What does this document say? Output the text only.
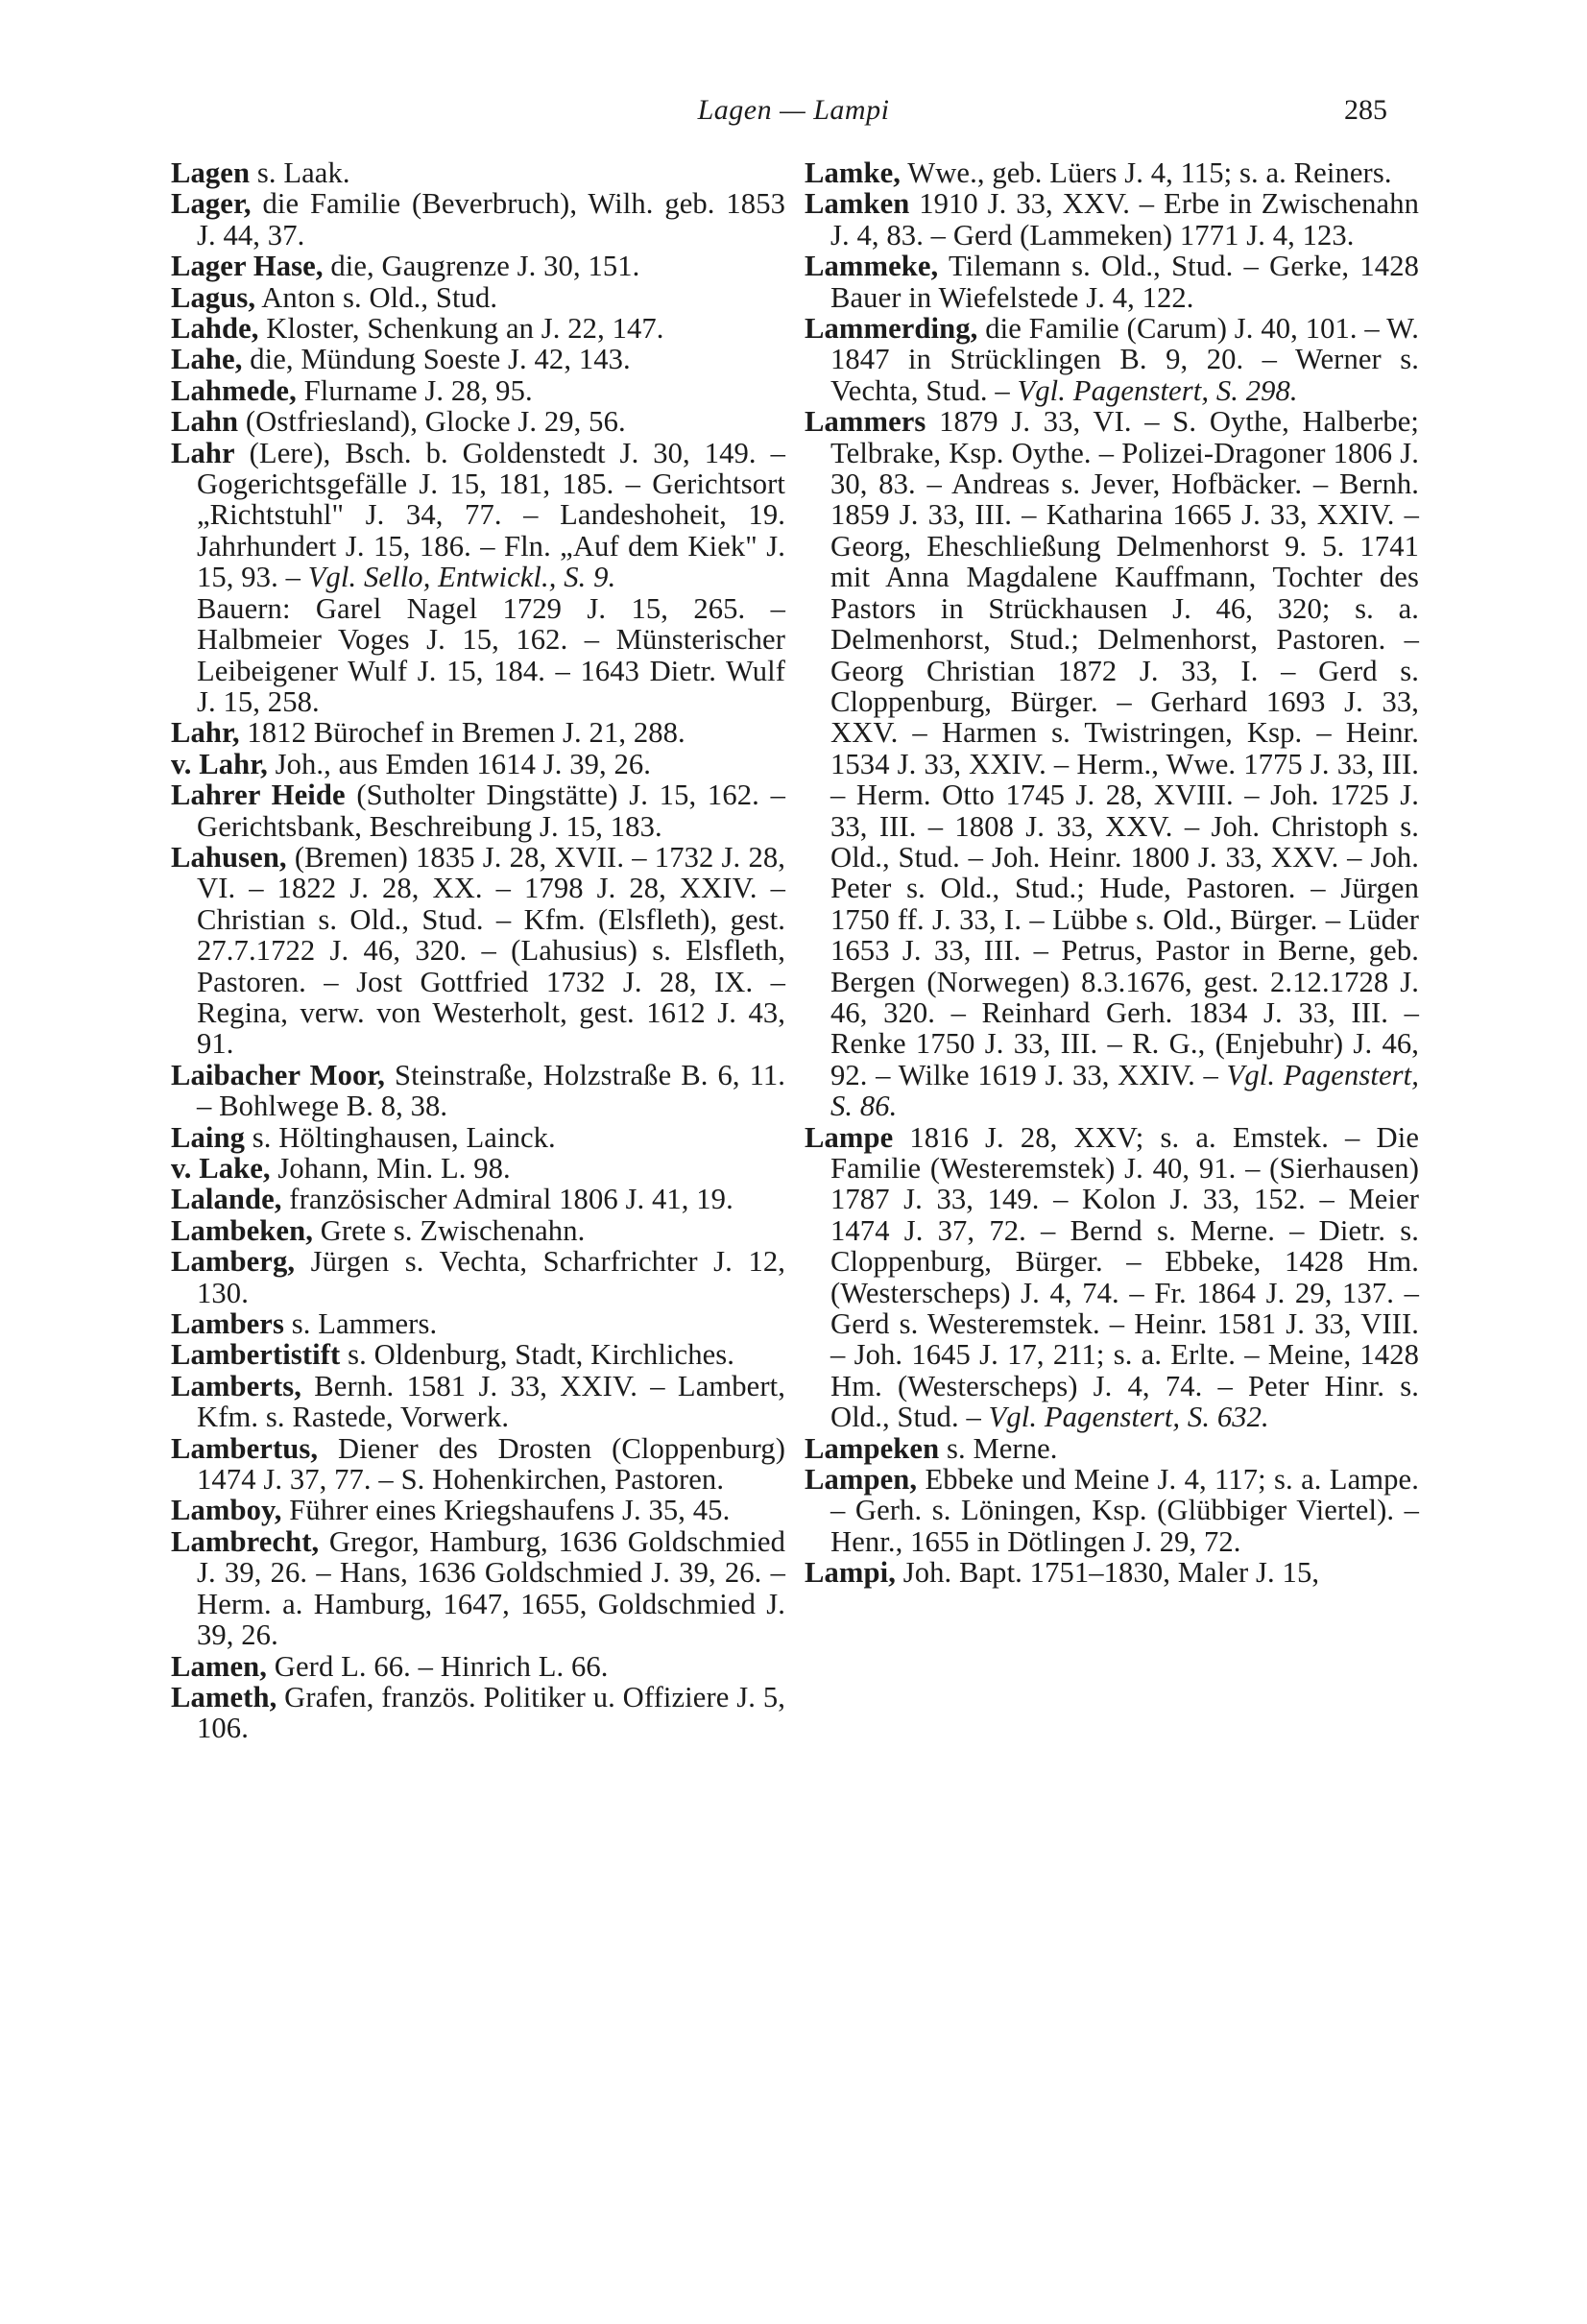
Lagen — Lampi	285

Lagen s. Laak.

Lager, die Familie (Beverbruch), Wilh. geb. 1853 J. 44, 37.

Lager Hase, die, Gaugrenze J. 30, 151.

Lagus, Anton s. Old., Stud.

Lahde, Kloster, Schenkung an J. 22, 147.

Lahe, die, Mündung Soeste J. 42, 143.

Lahmede, Flurname J. 28, 95.

Lahn (Ostfriesland), Glocke J. 29, 56.

Lahr (Lere), Bsch. b. Goldenstedt J. 30, 149. – Gogerichtsgefälle J. 15, 181, 185. – Gerichtsort „Richtstuhl" J. 34, 77. – Landeshoheit, 19. Jahrhundert J. 15, 186. – Fln. „Auf dem Kiek" J. 15, 93. – Vgl. Sello, Entwickl., S. 9.

Bauern: Garel Nagel 1729 J. 15, 265. – Halbmeier Voges J. 15, 162. – Münsterischer Leibeigener Wulf J. 15, 184. – 1643 Dietr. Wulf J. 15, 258.

Lahr, 1812 Bürochef in Bremen J. 21, 288.

v. Lahr, Joh., aus Emden 1614 J. 39, 26.

Lahrer Heide (Sutholter Dingstätte) J. 15, 162. – Gerichtsbank, Beschreibung J. 15, 183.

Lahusen, (Bremen) 1835 J. 28, XVII. – 1732 J. 28, VI. – 1822 J. 28, XX. – 1798 J. 28, XXIV. – Christian s. Old., Stud. – Kfm. (Elsfleth), gest. 27.7.1722 J. 46, 320. – (Lahusius) s. Elsfleth, Pastoren. – Jost Gottfried 1732 J. 28, IX. – Regina, verw. von Westerholt, gest. 1612 J. 43, 91.

Laibacher Moor, Steinstraße, Holzstraße B. 6, 11. – Bohlwege B. 8, 38.

Laing s. Höltinghausen, Lainck.

v. Lake, Johann, Min. L. 98.

Lalande, französischer Admiral 1806 J. 41, 19.

Lambeken, Grete s. Zwischenahn.

Lamberg, Jürgen s. Vechta, Scharfrichter J. 12, 130.

Lambers s. Lammers.

Lambertistift s. Oldenburg, Stadt, Kirchliches.

Lamberts, Bernh. 1581 J. 33, XXIV. – Lambert, Kfm. s. Rastede, Vorwerk.

Lambertus, Diener des Drosten (Cloppenburg) 1474 J. 37, 77. – S. Hohenkirchen, Pastoren.

Lamboy, Führer eines Kriegshaufens J. 35, 45.

Lambrecht, Gregor, Hamburg, 1636 Goldschmied J. 39, 26. – Hans, 1636 Goldschmied J. 39, 26. – Herm. a. Hamburg, 1647, 1655, Goldschmied J. 39, 26.

Lamen, Gerd L. 66. – Hinrich L. 66.

Lameth, Grafen, französ. Politiker u. Offiziere J. 5, 106.

Lamke, Wwe., geb. Lüers J. 4, 115; s. a. Reiners.

Lamken 1910 J. 33, XXV. – Erbe in Zwischenahn J. 4, 83. – Gerd (Lammeken) 1771 J. 4, 123.

Lammeke, Tilemann s. Old., Stud. – Gerke, 1428 Bauer in Wiefelstede J. 4, 122.

Lammerding, die Familie (Carum) J. 40, 101. – W. 1847 in Strücklingen B. 9, 20. – Werner s. Vechta, Stud. – Vgl. Pagenstert, S. 298.

Lammers 1879 J. 33, VI. – S. Oythe, Halberbe; Telbrake, Ksp. Oythe. – Polizei-Dragoner 1806 J. 30, 83. – Andreas s. Jever, Hofbäcker. – Bernh. 1859 J. 33, III. – Katharina 1665 J. 33, XXIV. – Georg, Eheschließung Delmenhorst 9. 5. 1741 mit Anna Magdalene Kauffmann, Tochter des Pastors in Strückhausen J. 46, 320; s. a. Delmenhorst, Stud.; Delmenhorst, Pastoren. – Georg Christian 1872 J. 33, I. – Gerd s. Cloppenburg, Bürger. – Gerhard 1693 J. 33, XXV. – Harmen s. Twistringen, Ksp. – Heinr. 1534 J. 33, XXIV. – Herm., Wwe. 1775 J. 33, III. – Herm. Otto 1745 J. 28, XVIII. – Joh. 1725 J. 33, III. – 1808 J. 33, XXV. – Joh. Christoph s. Old., Stud. – Joh. Heinr. 1800 J. 33, XXV. – Joh. Peter s. Old., Stud.; Hude, Pastoren. – Jürgen 1750 ff. J. 33, I. – Lübbe s. Old., Bürger. – Lüder 1653 J. 33, III. – Petrus, Pastor in Berne, geb. Bergen (Norwegen) 8.3.1676, gest. 2.12.1728 J. 46, 320. – Reinhard Gerh. 1834 J. 33, III. – Renke 1750 J. 33, III. – R. G., (Enjebuhr) J. 46, 92. – Wilke 1619 J. 33, XXIV. – Vgl. Pagenstert, S. 86.

Lampe 1816 J. 28, XXV; s. a. Emstek. – Die Familie (Westeremstek) J. 40, 91. – (Sierhausen) 1787 J. 33, 149. – Kolon J. 33, 152. – Meier 1474 J. 37, 72. – Bernd s. Merne. – Dietr. s. Cloppenburg, Bürger. – Ebbeke, 1428 Hm. (Westerscheps) J. 4, 74. – Fr. 1864 J. 29, 137. – Gerd s. Westeremstek. – Heinr. 1581 J. 33, VIII. – Joh. 1645 J. 17, 211; s. a. Erlte. – Meine, 1428 Hm. (Westerscheps) J. 4, 74. – Peter Hinr. s. Old., Stud. – Vgl. Pagenstert, S. 632.

Lampeken s. Merne.

Lampen, Ebbeke und Meine J. 4, 117; s. a. Lampe. – Gerh. s. Löningen, Ksp. (Glübbiger Viertel). – Henr., 1655 in Dötlingen J. 29, 72.

Lampi, Joh. Bapt. 1751–1830, Maler J. 15,
